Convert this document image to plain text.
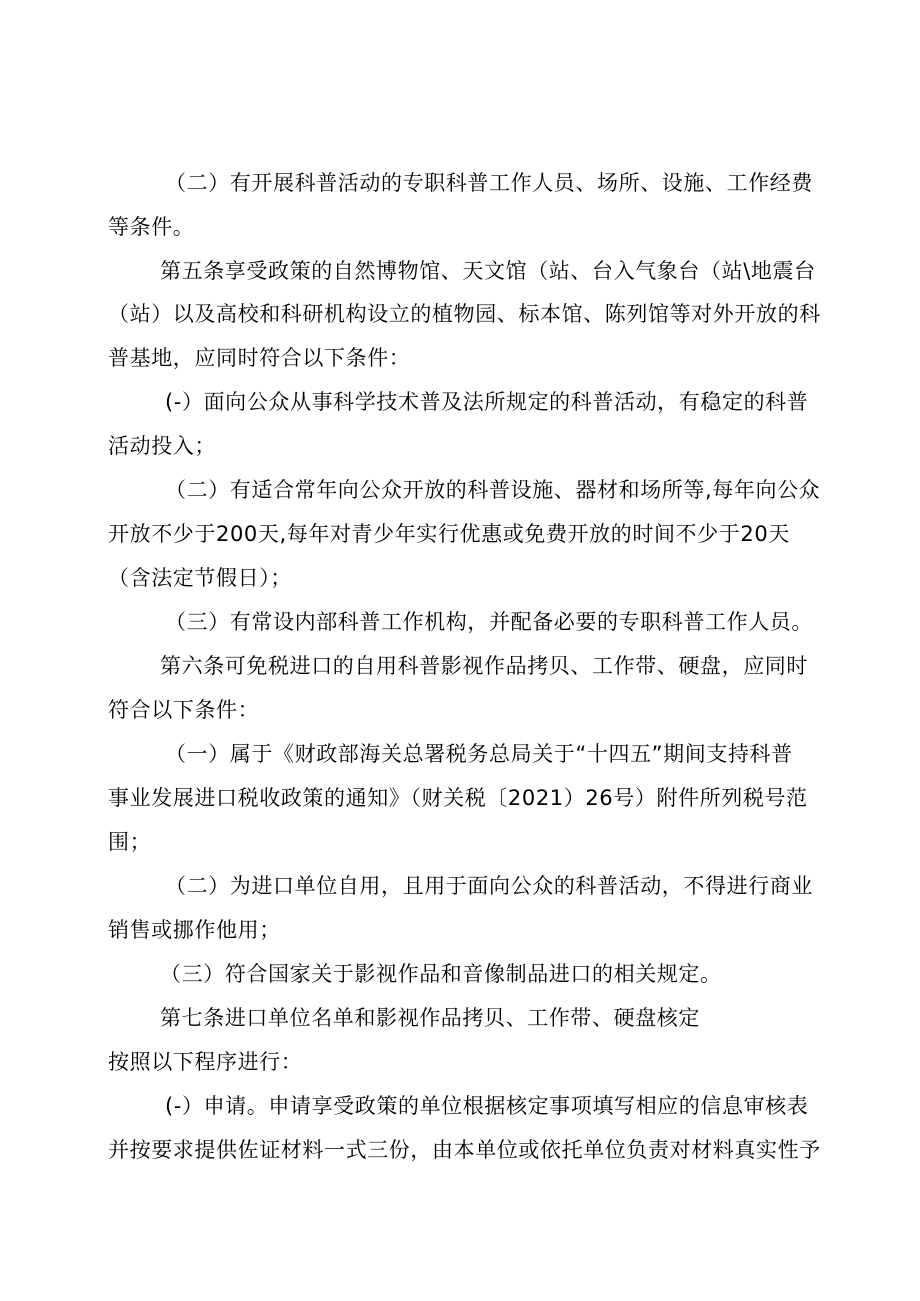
（二）有开展科普活动的专职科普工作人员、场所、设施、工作经费
等条件。
第五条享受政策的自然博物馆、天文馆（站、台入气象台（站\地震台
（站）以及高校和科研机构设立的植物园、标本馆、陈列馆等对外开放的科
普基地，应同时符合以下条件：
(-）面向公众从事科学技术普及法所规定的科普活动，有稳定的科普
活动投入；
（二）有适合常年向公众开放的科普设施、器材和场所等,每年向公众
开放不少于200天,每年对青少年实行优惠或免费开放的时间不少于20天
（含法定节假日）；
（三）有常设内部科普工作机构，并配备必要的专职科普工作人员。
第六条可免税进口的自用科普影视作品拷贝、工作带、硬盘，应同时
符合以下条件：
（一）属于《财政部海关总署税务总局关于“十四五”期间支持科普
事业发展进口税收政策的通知》（财关税〔2021）26号）附件所列税号范
围；
（二）为进口单位自用，且用于面向公众的科普活动，不得进行商业
销售或挪作他用；
（三）符合国家关于影视作品和音像制品进口的相关规定。
第七条进口单位名单和影视作品拷贝、工作带、硬盘核定
按照以下程序进行：
(-）申请。申请享受政策的单位根据核定事项填写相应的信息审核表
并按要求提供佐证材料一式三份，由本单位或依托单位负责对材料真实性予
